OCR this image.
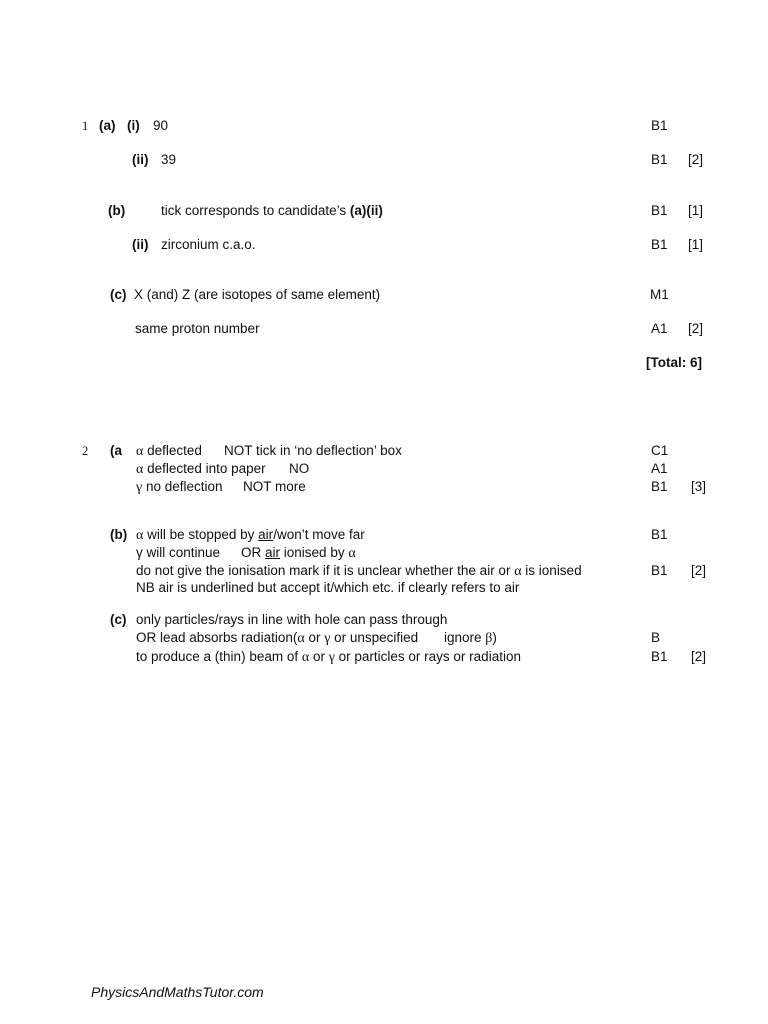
1 (a) (i) 90	B1
(ii) 39	B1 [2]
(b)	tick corresponds to candidate’s (a)(ii)	B1 [1]
(ii) zirconium c.a.o.	B1 [1]
(c) X (and) Z (are isotopes of same element)	M1
same proton number	A1 [2]
[Total: 6]
2 (a α deflected NOT tick in ‘no deflection’ box	C1
α deflected into paper NO	A1
γ no deflection NOT more	B1 [3]
(b) α will be stopped by air/won’t move far	B1
γ will continue OR air ionised by α
do not give the ionisation mark if it is unclear whether the air or α is ionised	B1 [2]
NB air is underlined but accept it/which etc. if clearly refers to air
(c) only particles/rays in line with hole can pass through
OR lead absorbs radiation(α or γ or unspecified ignore β)	B
to produce a (thin) beam of α or γ or particles or rays or radiation	B1 [2]
PhysicsAndMathsTutor.com
